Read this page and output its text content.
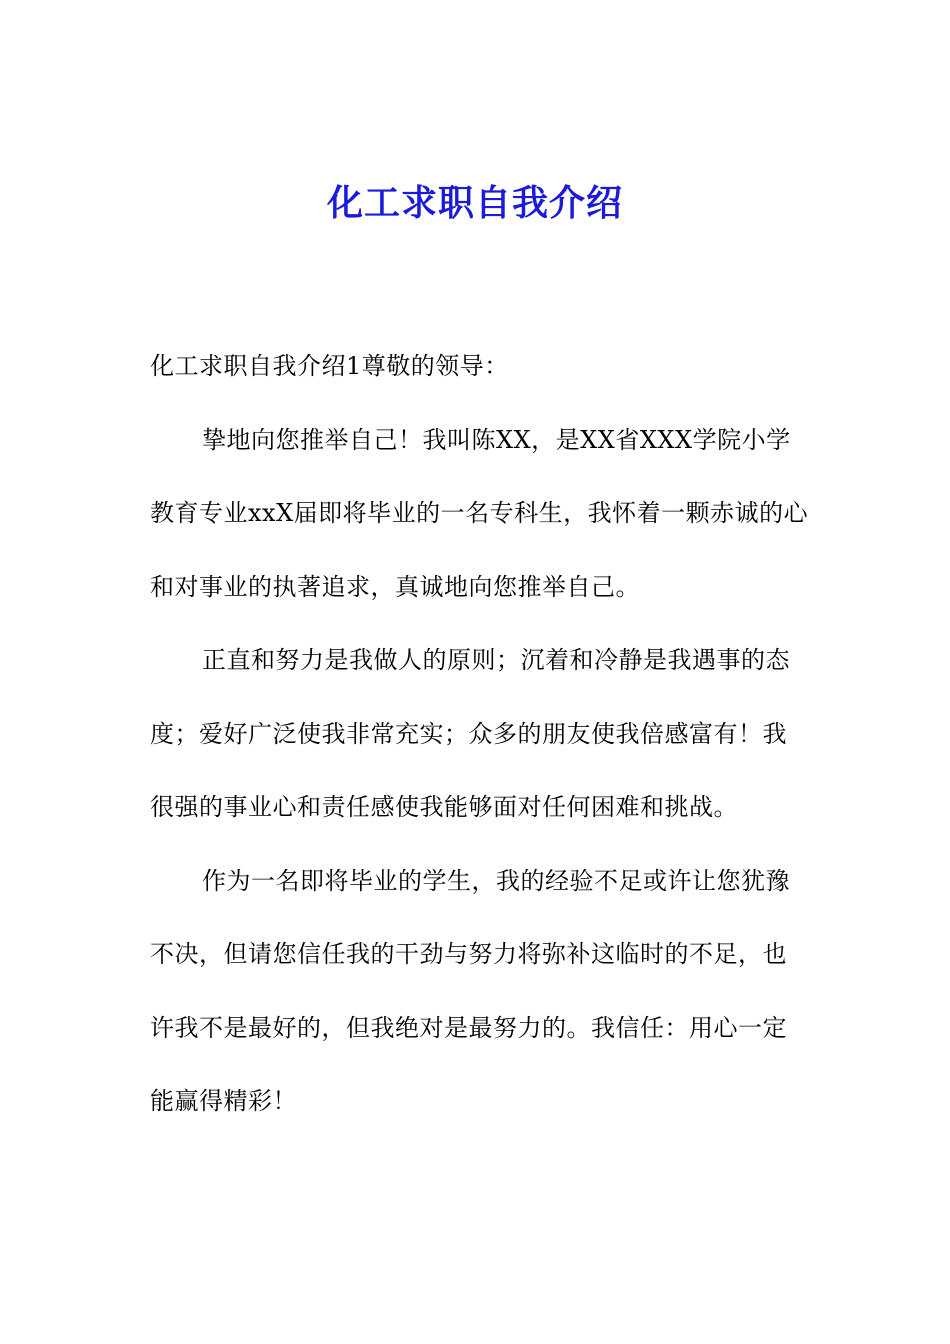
化工求职自我介绍

化工求职自我介绍1尊敬的领导：

挚地向您推举自己！我叫陈XX，是XX省XXX学院小学教育专业xxX届即将毕业的一名专科生，我怀着一颗赤诚的心和对事业的执著追求，真诚地向您推举自己。

正直和努力是我做人的原则；沉着和冷静是我遇事的态度；爱好广泛使我非常充实；众多的朋友使我倍感富有！我很强的事业心和责任感使我能够面对任何困难和挑战。

作为一名即将毕业的学生，我的经验不足或许让您犹豫不决，但请您信任我的干劲与努力将弥补这临时的不足，也许我不是最好的，但我绝对是最努力的。我信任：用心一定能赢得精彩！
